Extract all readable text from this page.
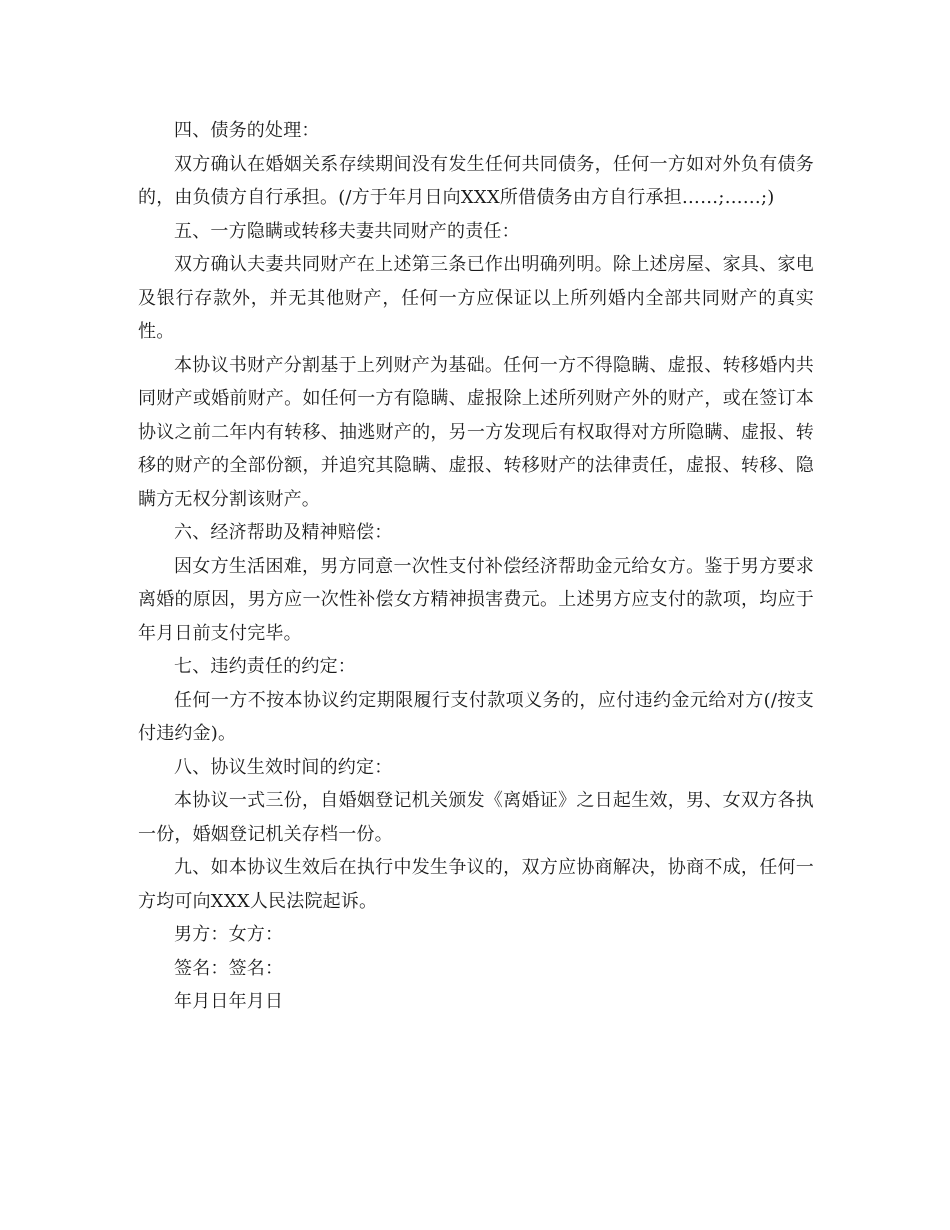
四、债务的处理：

双方确认在婚姻关系存续期间没有发生任何共同债务，任何一方如对外负有债务的，由负债方自行承担。(/方于年月日向XXX所借债务由方自行承担……;……;)

五、一方隐瞒或转移夫妻共同财产的责任：

双方确认夫妻共同财产在上述第三条已作出明确列明。除上述房屋、家具、家电及银行存款外，并无其他财产，任何一方应保证以上所列婚内全部共同财产的真实性。

本协议书财产分割基于上列财产为基础。任何一方不得隐瞒、虚报、转移婚内共同财产或婚前财产。如任何一方有隐瞒、虚报除上述所列财产外的财产，或在签订本协议之前二年内有转移、抽逃财产的，另一方发现后有权取得对方所隐瞒、虚报、转移的财产的全部份额，并追究其隐瞒、虚报、转移财产的法律责任，虚报、转移、隐瞒方无权分割该财产。

六、经济帮助及精神赔偿：

因女方生活困难，男方同意一次性支付补偿经济帮助金元给女方。鉴于男方要求离婚的原因，男方应一次性补偿女方精神损害费元。上述男方应支付的款项，均应于年月日前支付完毕。

七、违约责任的约定：

任何一方不按本协议约定期限履行支付款项义务的，应付违约金元给对方(/按支付违约金)。

八、协议生效时间的约定：

本协议一式三份，自婚姻登记机关颁发《离婚证》之日起生效，男、女双方各执一份，婚姻登记机关存档一份。

九、如本协议生效后在执行中发生争议的，双方应协商解决，协商不成，任何一方均可向XXX人民法院起诉。

男方：女方：

签名：签名：

年月日年月日
